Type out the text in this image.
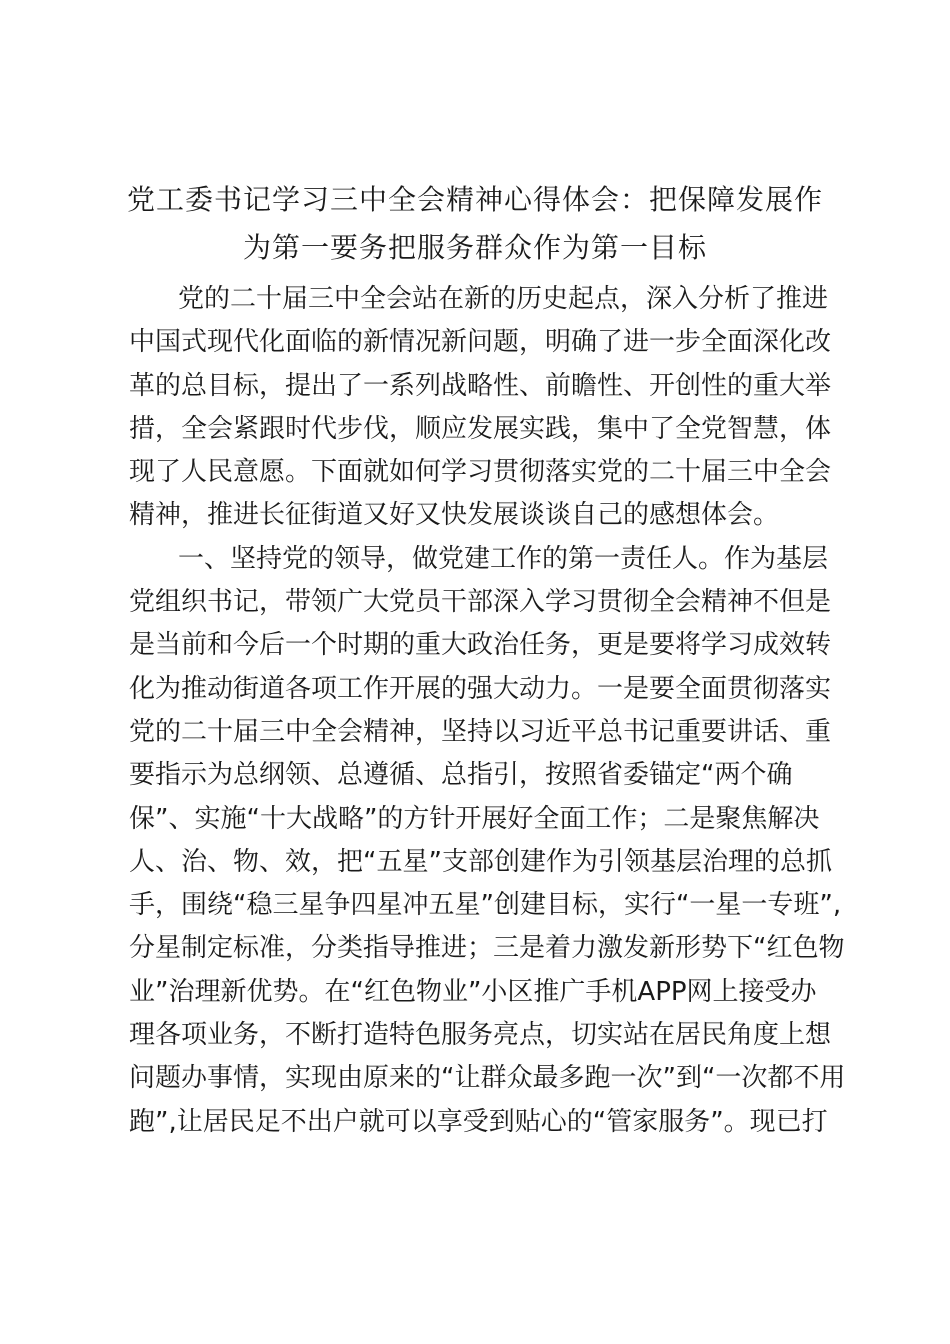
党工委书记学习三中全会精神心得体会：把保障发展作
为第一要务把服务群众作为第一目标

党的二十届三中全会站在新的历史起点，深入分析了推进
中国式现代化面临的新情况新问题，明确了进一步全面深化改
革的总目标，提出了一系列战略性、前瞻性、开创性的重大举
措，全会紧跟时代步伐，顺应发展实践，集中了全党智慧，体
现了人民意愿。下面就如何学习贯彻落实党的二十届三中全会
精神，推进长征街道又好又快发展谈谈自己的感想体会。

一、坚持党的领导，做党建工作的第一责任人。作为基层
党组织书记，带领广大党员干部深入学习贯彻全会精神不但是
是当前和今后一个时期的重大政治任务，更是要将学习成效转
化为推动街道各项工作开展的强大动力。一是要全面贯彻落实
党的二十届三中全会精神，坚持以习近平总书记重要讲话、重
要指示为总纲领、总遵循、总指引，按照省委锚定“两个确
保”、实施“十大战略”的方针开展好全面工作；二是聚焦解决
人、治、物、效，把“五星”支部创建作为引领基层治理的总抓
手，围绕“稳三星争四星冲五星”创建目标，实行“一星一专班”,
分星制定标准，分类指导推进；三是着力激发新形势下“红色物
业”治理新优势。在“红色物业”小区推广手机APP网上接受办
理各项业务，不断打造特色服务亮点，切实站在居民角度上想
问题办事情，实现由原来的“让群众最多跑一次”到“一次都不用
跑”,让居民足不出户就可以享受到贴心的“管家服务”。现已打
